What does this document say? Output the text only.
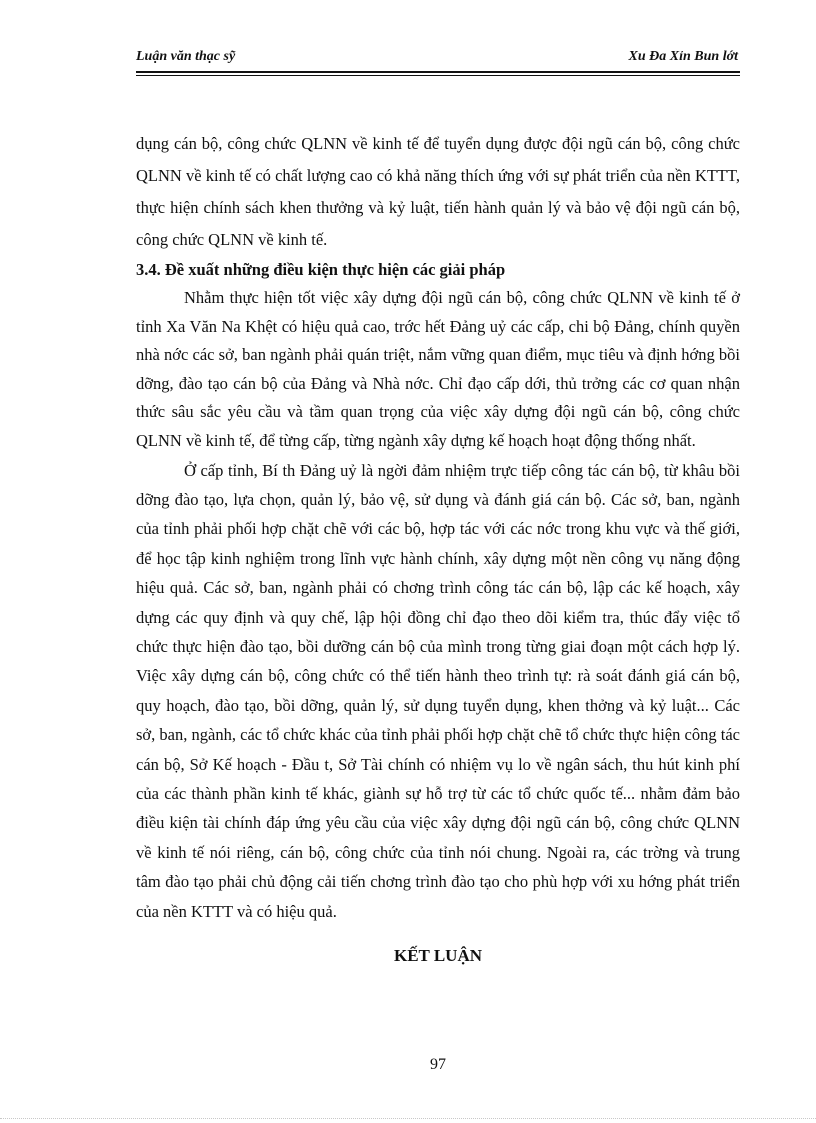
Luận văn thạc sỹ	Xu Đa Xỉn Bun lớt

dụng cán bộ, công chức QLNN về kinh tế để tuyển dụng được đội ngũ cán bộ, công chức QLNN về kinh tế có chất lượng cao có khả năng thích ứng với sự phát triển của nền KTTT, thực hiện chính sách khen thưởng và kỷ luật, tiến hành quản lý và bảo vệ đội ngũ cán bộ, công chức QLNN về kinh tế.

3.4. Đề xuất những điều kiện thực hiện các giải pháp

Nhằm thực hiện tốt việc xây dựng đội ngũ cán bộ, công chức QLNN về kinh tế ở tỉnh Xa Văn Na Khệt có hiệu quả cao, trớc hết Đảng uỷ các cấp, chi bộ Đảng, chính quyền nhà nớc các sở, ban ngành phải quán triệt, nắm vững quan điểm, mục tiêu và định hớng bồi dỡng, đào tạo cán bộ của Đảng và Nhà nớc. Chỉ đạo cấp dới, thủ trởng các cơ quan nhận thức sâu sắc yêu cầu và tầm quan trọng của việc xây dựng đội ngũ cán bộ, công chức QLNN về kinh tế, để từng cấp, từng ngành xây dựng kế hoạch hoạt động thống nhất.

Ở cấp tỉnh, Bí th Đảng uỷ là ngời đảm nhiệm trực tiếp công tác cán bộ, từ khâu bồi dỡng đào tạo, lựa chọn, quản lý, bảo vệ, sử dụng và đánh giá cán bộ. Các sở, ban, ngành của tỉnh phải phối hợp chặt chẽ với các bộ, hợp tác với các nớc trong khu vực và thế giới, để học tập kinh nghiệm trong lĩnh vực hành chính, xây dựng một nền công vụ năng động hiệu quả. Các sở, ban, ngành phải có chơng trình công tác cán bộ, lập các kế hoạch, xây dựng các quy định và quy chế, lập hội đồng chỉ đạo theo dõi kiểm tra, thúc đẩy việc tổ chức thực hiện đào tạo, bồi dưỡng cán bộ của mình trong từng giai đoạn một cách hợp lý. Việc xây dựng cán bộ, công chức có thể tiến hành theo trình tự: rà soát đánh giá cán bộ, quy hoạch, đào tạo, bồi dỡng, quản lý, sử dụng tuyển dụng, khen thởng và kỷ luật... Các sở, ban, ngành, các tổ chức khác của tỉnh phải phối hợp chặt chẽ tổ chức thực hiện công tác cán bộ, Sở Kế hoạch - Đầu t, Sở Tài chính có nhiệm vụ lo về ngân sách, thu hút kinh phí của các thành phần kinh tế khác, giành sự hỗ trợ từ các tổ chức quốc tế... nhằm đảm bảo điều kiện tài chính đáp ứng yêu cầu của việc xây dựng đội ngũ cán bộ, công chức QLNN về kinh tế nói riêng, cán bộ, công chức của tỉnh nói chung. Ngoài ra, các trờng và trung tâm đào tạo phải chủ động cải tiến chơng trình đào tạo cho phù hợp với xu hớng phát triển của nền KTTT và có hiệu quả.

KẾT LUẬN
97
